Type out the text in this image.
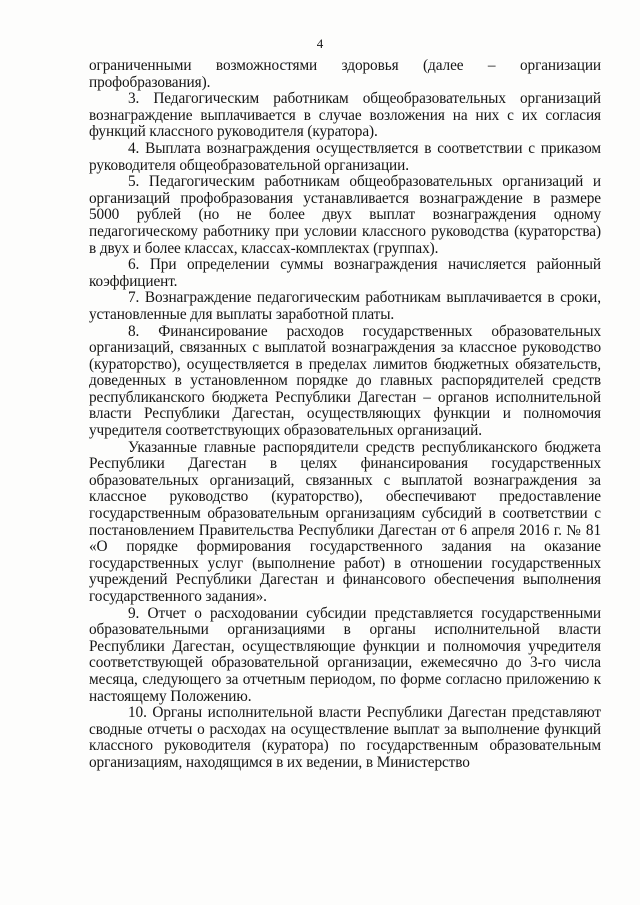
4

ограниченными возможностями здоровья (далее – организации профобразования).

3. Педагогическим работникам общеобразовательных организаций вознаграждение выплачивается в случае возложения на них с их согласия функций классного руководителя (куратора).

4. Выплата вознаграждения осуществляется в соответствии с приказом руководителя общеобразовательной организации.

5. Педагогическим работникам общеобразовательных организаций и организаций профобразования устанавливается вознаграждение в размере 5000 рублей (но не более двух выплат вознаграждения одному педагогическому работнику при условии классного руководства (кураторства) в двух и более классах, классах-комплектах (группах).

6. При определении суммы вознаграждения начисляется районный коэффициент.

7. Вознаграждение педагогическим работникам выплачивается в сроки, установленные для выплаты заработной платы.

8. Финансирование расходов государственных образовательных организаций, связанных с выплатой вознаграждения за классное руководство (кураторство), осуществляется в пределах лимитов бюджетных обязательств, доведенных в установленном порядке до главных распорядителей средств республиканского бюджета Республики Дагестан – органов исполнительной власти Республики Дагестан, осуществляющих функции и полномочия учредителя соответствующих образовательных организаций.

Указанные главные распорядители средств республиканского бюджета Республики Дагестан в целях финансирования государственных образовательных организаций, связанных с выплатой вознаграждения за классное руководство (кураторство), обеспечивают предоставление государственным образовательным организациям субсидий в соответствии с постановлением Правительства Республики Дагестан от 6 апреля 2016 г. № 81 «О порядке формирования государственного задания на оказание государственных услуг (выполнение работ) в отношении государственных учреждений Республики Дагестан и финансового обеспечения выполнения государственного задания».

9. Отчет о расходовании субсидии представляется государственными образовательными организациями в органы исполнительной власти Республики Дагестан, осуществляющие функции и полномочия учредителя соответствующей образовательной организации, ежемесячно до 3-го числа месяца, следующего за отчетным периодом, по форме согласно приложению к настоящему Положению.

10. Органы исполнительной власти Республики Дагестан представляют сводные отчеты о расходах на осуществление выплат за выполнение функций классного руководителя (куратора) по государственным образовательным организациям, находящимся в их ведении, в Министерство
